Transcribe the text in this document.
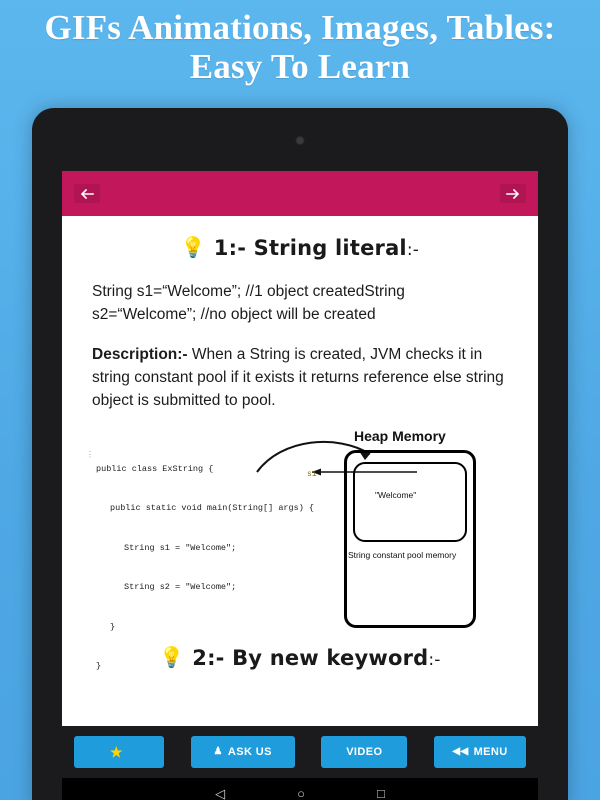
GIFs Animations, Images, Tables:
Easy To Learn
💡 1:- String literal:-

String s1=“Welcome”; //1 object createdString s2=“Welcome”; //no object will be created

Description:- When a String is created, JVM checks it in string constant pool if it exists it returns reference else string object is submitted to pool.

⋮

public class ExString {

public static void main(String[] args) {

String s1 = "Welcome";

String s2 = "Welcome";

}

}

s1
Heap Memory
"Welcome"
String constant pool memory
💡 2:- By new keyword:-
★	♟ ASK US	VIDEO	◀◀ MENU
◁	○	□
